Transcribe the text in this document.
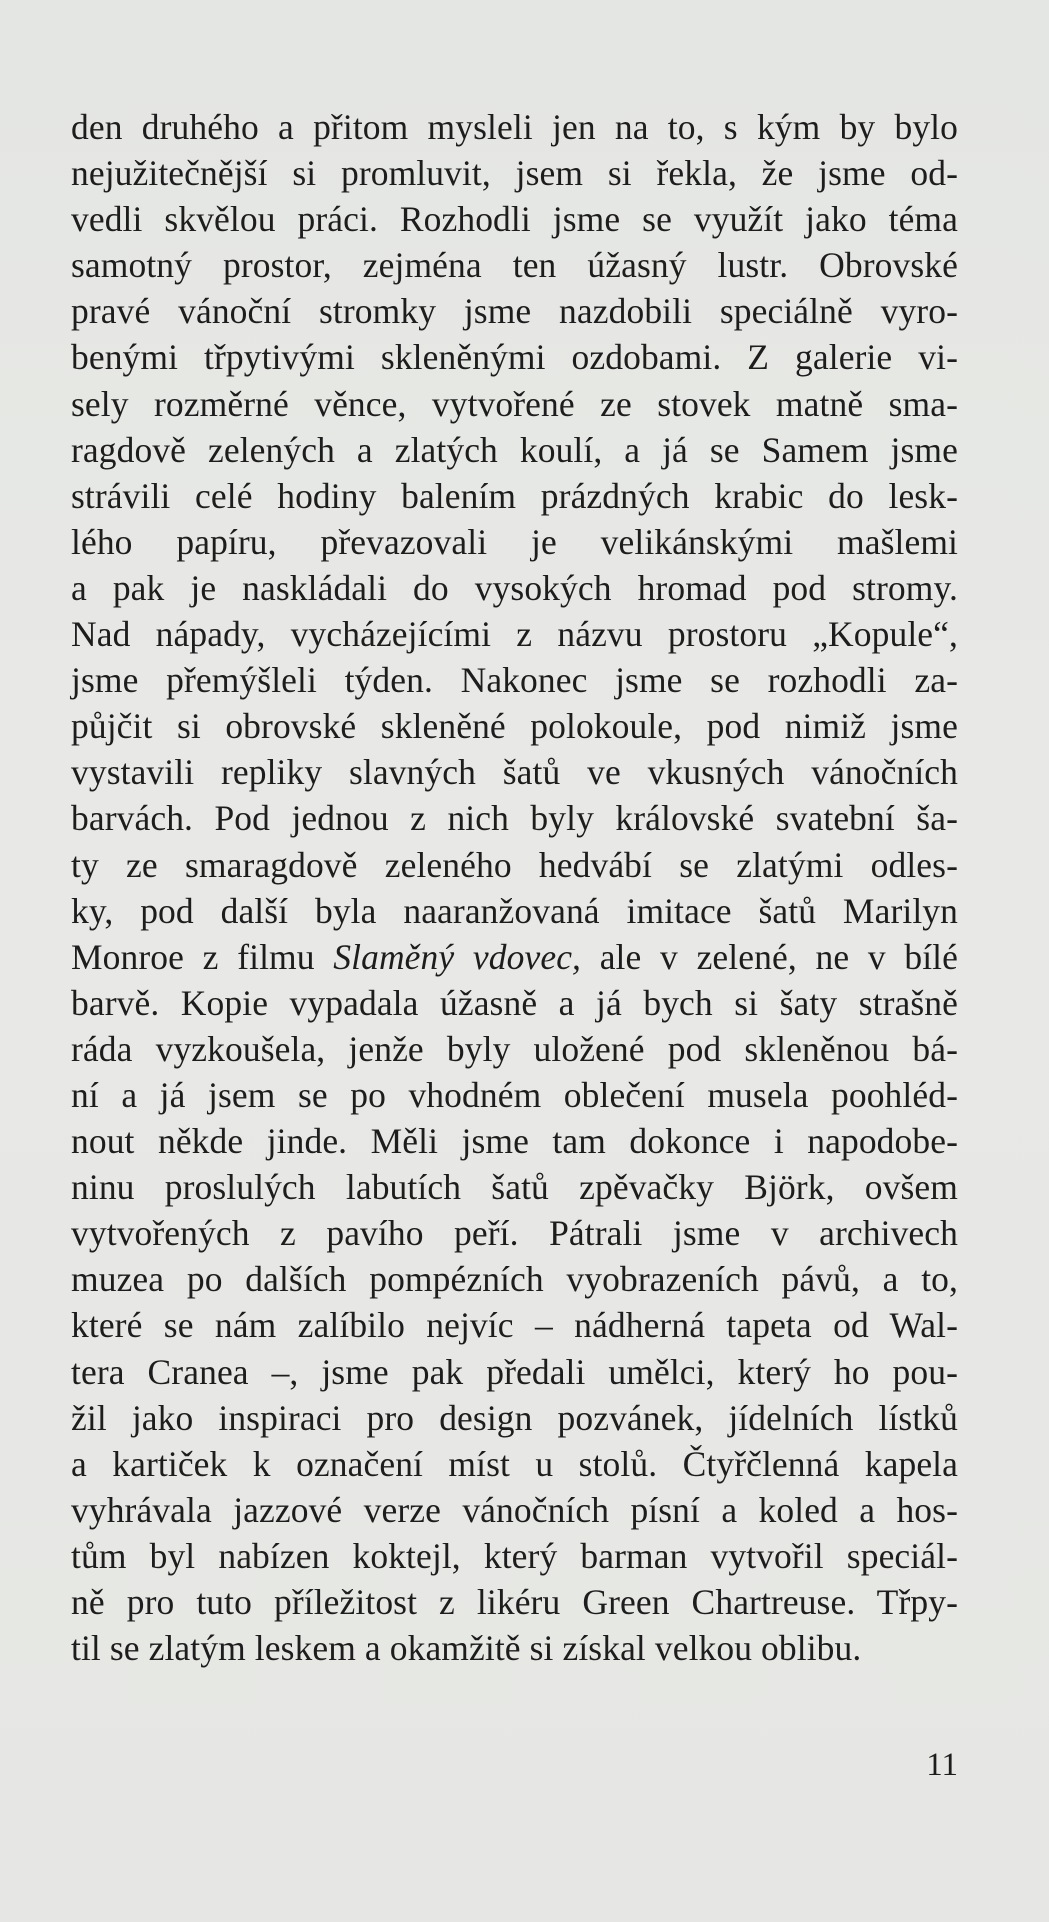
den druhého a přitom mysleli jen na to, s kým by bylo
nejužitečnější si promluvit, jsem si řekla, že jsme od-
vedli skvělou práci. Rozhodli jsme se využít jako téma
samotný prostor, zejména ten úžasný lustr. Obrovské
pravé vánoční stromky jsme nazdobili speciálně vyro-
benými třpytivými skleněnými ozdobami. Z galerie vi-
sely rozměrné věnce, vytvořené ze stovek matně sma-
ragdově zelených a zlatých koulí, a já se Samem jsme
strávili celé hodiny balením prázdných krabic do lesk-
lého papíru, převazovali je velikánskými mašlemi
a pak je naskládali do vysokých hromad pod stromy.
Nad nápady, vycházejícími z názvu prostoru „Kopule“,
jsme přemýšleli týden. Nakonec jsme se rozhodli za-
půjčit si obrovské skleněné polokoule, pod nimiž jsme
vystavili repliky slavných šatů ve vkusných vánočních
barvách. Pod jednou z nich byly královské svatební ša-
ty ze smaragdově zeleného hedvábí se zlatými odles-
ky, pod další byla naaranžovaná imitace šatů Marilyn
Monroe z filmu Slaměný vdovec, ale v zelené, ne v bílé
barvě. Kopie vypadala úžasně a já bych si šaty strašně
ráda vyzkoušela, jenže byly uložené pod skleněnou bá-
ní a já jsem se po vhodném oblečení musela poohléd-
nout někde jinde. Měli jsme tam dokonce i napodobe-
ninu proslulých labutích šatů zpěvačky Björk, ovšem
vytvořených z pavího peří. Pátrali jsme v archivech
muzea po dalších pompézních vyobrazeních pávů, a to,
které se nám zalíbilo nejvíc – nádherná tapeta od Wal-
tera Cranea –, jsme pak předali umělci, který ho pou-
žil jako inspiraci pro design pozvánek, jídelních lístků
a kartiček k označení míst u stolů. Čtyřčlenná kapela
vyhrávala jazzové verze vánočních písní a koled a hos-
tům byl nabízen koktejl, který barman vytvořil speciál-
ně pro tuto příležitost z likéru Green Chartreuse. Třpy-
til se zlatým leskem a okamžitě si získal velkou oblibu.
11
